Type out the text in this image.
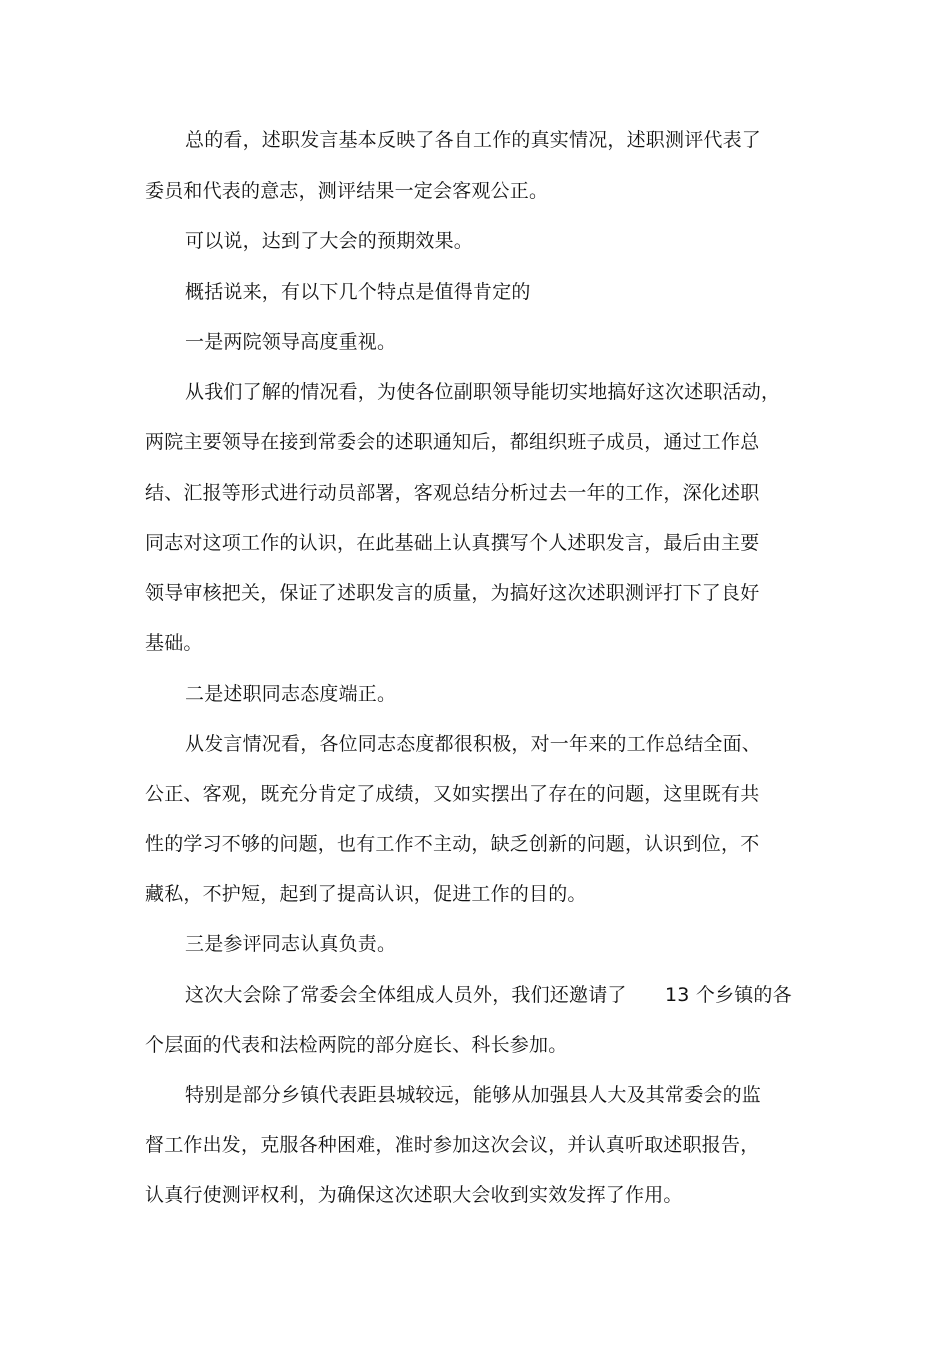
总的看，述职发言基本反映了各自工作的真实情况，述职测评代表了
委员和代表的意志，测评结果一定会客观公正。
可以说，达到了大会的预期效果。
概括说来，有以下几个特点是值得肯定的
一是两院领导高度重视。
从我们了解的情况看，为使各位副职领导能切实地搞好这次述职活动，
两院主要领导在接到常委会的述职通知后，都组织班子成员，通过工作总
结、汇报等形式进行动员部署，客观总结分析过去一年的工作，深化述职
同志对这项工作的认识，在此基础上认真撰写个人述职发言，最后由主要
领导审核把关，保证了述职发言的质量，为搞好这次述职测评打下了良好
基础。
二是述职同志态度端正。
从发言情况看，各位同志态度都很积极，对一年来的工作总结全面、
公正、客观，既充分肯定了成绩，又如实摆出了存在的问题，这里既有共
性的学习不够的问题，也有工作不主动，缺乏创新的问题，认识到位，不
藏私，不护短，起到了提高认识，促进工作的目的。
三是参评同志认真负责。
这次大会除了常委会全体组成人员外，我们还邀请了　　13 个乡镇的各
个层面的代表和法检两院的部分庭长、科长参加。
特别是部分乡镇代表距县城较远，能够从加强县人大及其常委会的监
督工作出发，克服各种困难，准时参加这次会议，并认真听取述职报告，
认真行使测评权利，为确保这次述职大会收到实效发挥了作用。
